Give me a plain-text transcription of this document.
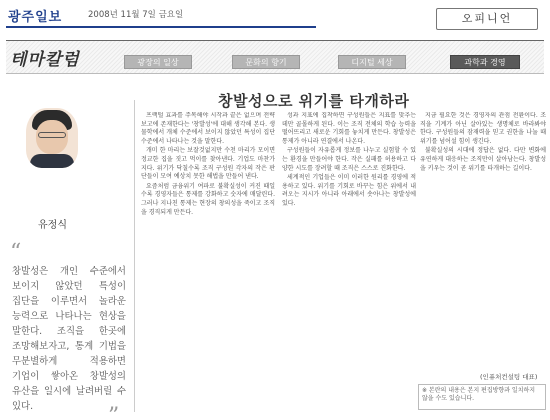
광주일보	2008년 11월 7일 금요일	오피니언
테마칼럼	광장의 일상	문화의 향기	디지털 세상	과학과 경영
창발성으로 위기를 타개하라
유정식
“
창발성은 개인 수준에서 보이지 않았던 특성이 집단을 이루면서 놀라운 능력으로 나타나는 현상을 말한다. 조직을 한곳에 조망해보자고, 통계 기법을 무분별하게 적용하면 기업이 쌓아온 창발성의 유산을 일시에 날려버릴 수 있다.	”

프랙털 효과를 주목해야 시작과 끝은 없으며 전략 보고에 존재한다는 '창발성'에 대해 생각해 본다. 생물학에서 개체 수준에서 보이지 않았던 특성이 집단 수준에서 나타나는 것을 말한다.

개미 한 마리는 보잘것없지만 수천 마리가 모이면 정교한 집을 짓고 먹이를 찾아낸다. 기업도 마찬가지다. 위기가 닥칠수록 조직 구성원 각자의 작은 판단들이 모여 예상치 못한 해법을 만들어 낸다.

요즘처럼 금융위기 여파로 불확실성이 커진 때일수록 경영자들은 통제를 강화하고 숫자에 매달린다. 그러나 지나친 통제는 현장의 창의성을 죽이고 조직을 경직되게 만든다.

성과 지표에 집착하면 구성원들은 지표를 맞추는 데만 골몰하게 된다. 이는 조직 전체의 학습 능력을 떨어뜨리고 새로운 기회를 놓치게 만든다. 창발성은 통제가 아니라 연결에서 나온다.

구성원들이 자유롭게 정보를 나누고 실험할 수 있는 환경을 만들어야 한다. 작은 실패를 허용하고 다양한 시도를 장려할 때 조직은 스스로 진화한다.

세계적인 기업들은 이미 이러한 원리를 경영에 적용하고 있다. 위기를 기회로 바꾸는 힘은 위에서 내려오는 지시가 아니라 아래에서 솟아나는 창발성에 있다.

지금 필요한 것은 경영자의 관점 전환이다. 조직을 기계가 아닌 살아있는 생명체로 바라봐야 한다. 구성원들의 잠재력을 믿고 권한을 나눌 때 위기를 넘어설 힘이 생긴다.

불확실성의 시대에 정답은 없다. 다만 변화에 유연하게 대응하는 조직만이 살아남는다. 창발성을 키우는 것이 곧 위기를 타개하는 길이다.

(인퓨처컨설팅 대표)
※ 본란의 내용은 본지 편집방향과 일치하지 않을 수도 있습니다.
